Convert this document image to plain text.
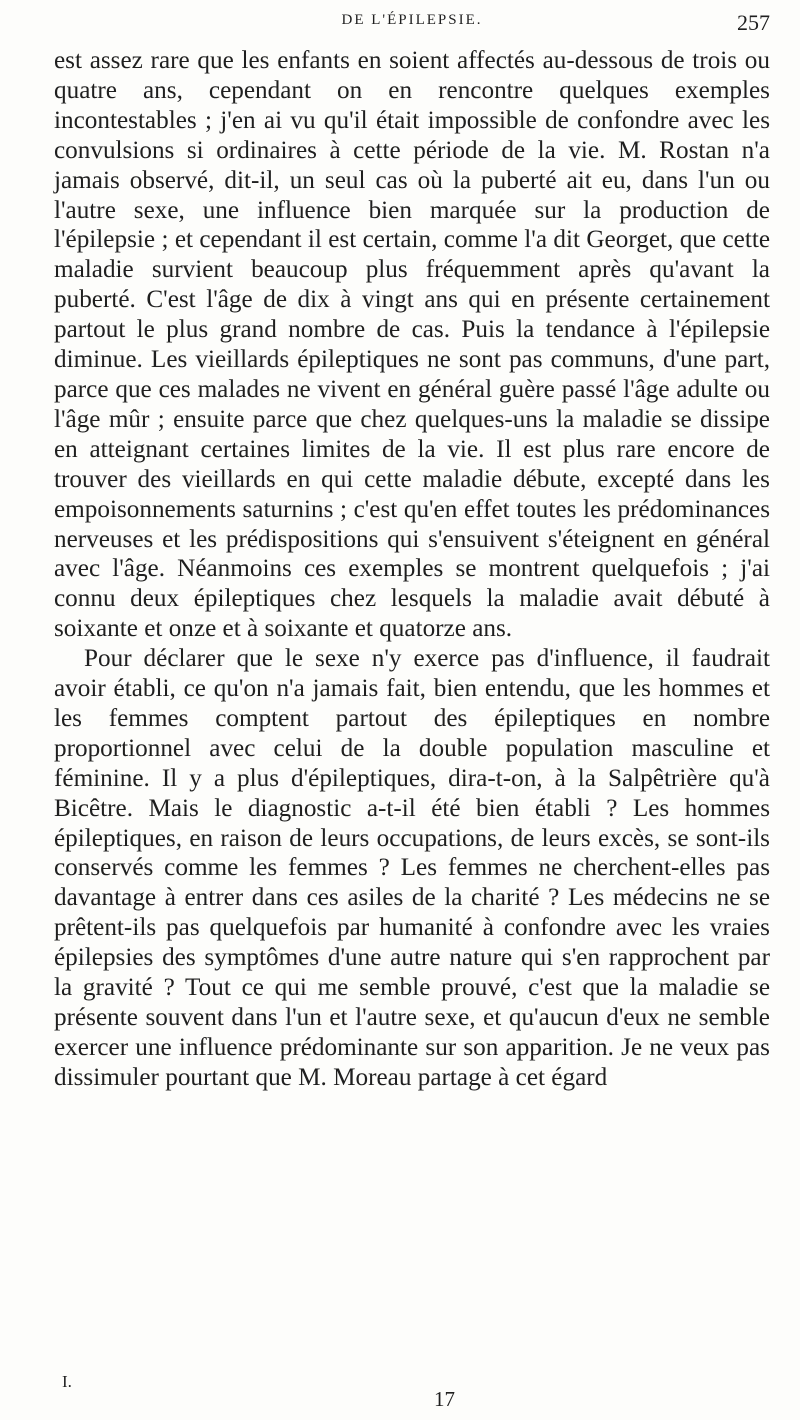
DE L'ÉPILEPSIE.	257

est assez rare que les enfants en soient affectés au-dessous de trois ou quatre ans, cependant on en rencontre quelques exemples incontestables ; j'en ai vu qu'il était impossible de confondre avec les convulsions si ordinaires à cette période de la vie. M. Rostan n'a jamais observé, dit-il, un seul cas où la puberté ait eu, dans l'un ou l'autre sexe, une influence bien marquée sur la production de l'épilepsie ; et cependant il est certain, comme l'a dit Georget, que cette maladie survient beaucoup plus fréquemment après qu'avant la puberté. C'est l'âge de dix à vingt ans qui en présente certainement partout le plus grand nombre de cas. Puis la tendance à l'épilepsie diminue. Les vieillards épileptiques ne sont pas communs, d'une part, parce que ces malades ne vivent en général guère passé l'âge adulte ou l'âge mûr ; ensuite parce que chez quelques-uns la maladie se dissipe en atteignant certaines limites de la vie. Il est plus rare encore de trouver des vieillards en qui cette maladie débute, excepté dans les empoisonnements saturnins ; c'est qu'en effet toutes les prédominances nerveuses et les prédispositions qui s'ensuivent s'éteignent en général avec l'âge. Néanmoins ces exemples se montrent quelquefois ; j'ai connu deux épileptiques chez lesquels la maladie avait débuté à soixante et onze et à soixante et quatorze ans.

Pour déclarer que le sexe n'y exerce pas d'influence, il faudrait avoir établi, ce qu'on n'a jamais fait, bien entendu, que les hommes et les femmes comptent partout des épileptiques en nombre proportionnel avec celui de la double population masculine et féminine. Il y a plus d'épileptiques, dira-t-on, à la Salpêtrière qu'à Bicêtre. Mais le diagnostic a-t-il été bien établi ? Les hommes épileptiques, en raison de leurs occupations, de leurs excès, se sont-ils conservés comme les femmes ? Les femmes ne cherchent-elles pas davantage à entrer dans ces asiles de la charité ? Les médecins ne se prêtent-ils pas quelquefois par humanité à confondre avec les vraies épilepsies des symptômes d'une autre nature qui s'en rapprochent par la gravité ? Tout ce qui me semble prouvé, c'est que la maladie se présente souvent dans l'un et l'autre sexe, et qu'aucun d'eux ne semble exercer une influence prédominante sur son apparition. Je ne veux pas dissimuler pourtant que M. Moreau partage à cet égard

I.
17
